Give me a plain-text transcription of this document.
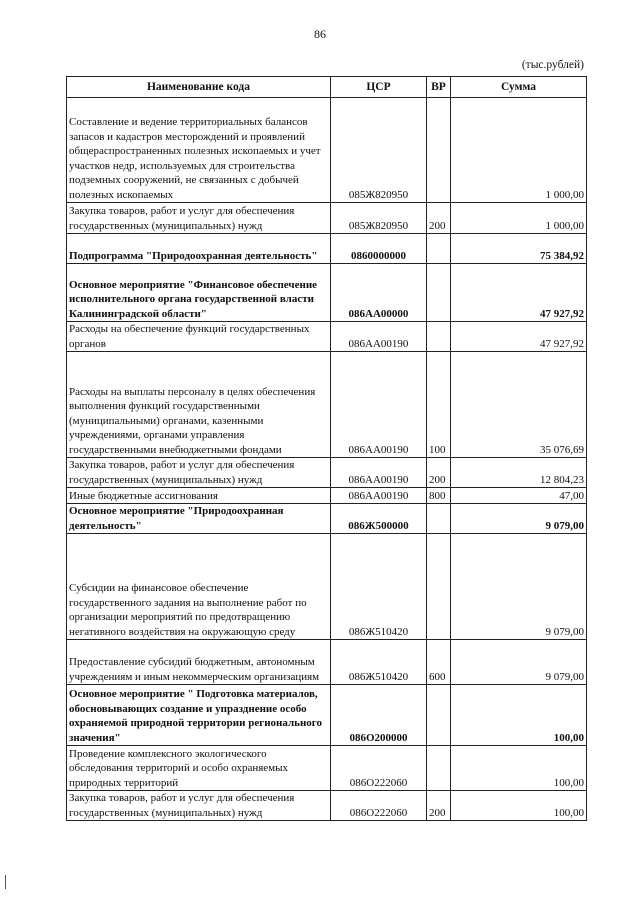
86
(тыс.рублей)
Наименование кода	ЦСР	ВР	Сумма
Составление и ведение территориальных балансов запасов и кадастров месторождений и проявлений общераспространенных полезных ископаемых и учет участков недр, используемых для строительства подземных сооружений, не связанных с добычей полезных ископаемых	085Ж820950		1 000,00
Закупка товаров, работ и услуг для обеспечения государственных (муниципальных) нужд	085Ж820950	200	1 000,00
Подпрограмма "Природоохранная деятельность"	0860000000		75 384,92
Основное мероприятие "Финансовое обеспечение исполнительного органа государственной власти Калининградской области"	086АА00000		47 927,92
Расходы на обеспечение функций государственных органов	086АА00190		47 927,92
Расходы на выплаты персоналу в целях обеспечения выполнения функций государственными (муниципальными) органами, казенными учреждениями, органами управления государственными внебюджетными фондами	086АА00190	100	35 076,69
Закупка товаров, работ и услуг для обеспечения государственных (муниципальных) нужд	086АА00190	200	12 804,23
Иные бюджетные ассигнования	086АА00190	800	47,00
Основное мероприятие "Природоохранная деятельность"	086Ж500000		9 079,00
Субсидии на финансовое обеспечение государственного задания на выполнение работ по организации мероприятий по предотвращению негативного воздействия на окружающую среду	086Ж510420		9 079,00
Предоставление субсидий бюджетным, автономным учреждениям и иным некоммерческим организациям	086Ж510420	600	9 079,00
Основное мероприятие " Подготовка материалов, обосновывающих создание и упразднение особо охраняемой природной территории регионального значения"	086О200000		100,00
Проведение комплексного экологического обследования территорий и особо охраняемых природных территорий	086О222060		100,00
Закупка товаров, работ и услуг для обеспечения государственных (муниципальных) нужд	086О222060	200	100,00
